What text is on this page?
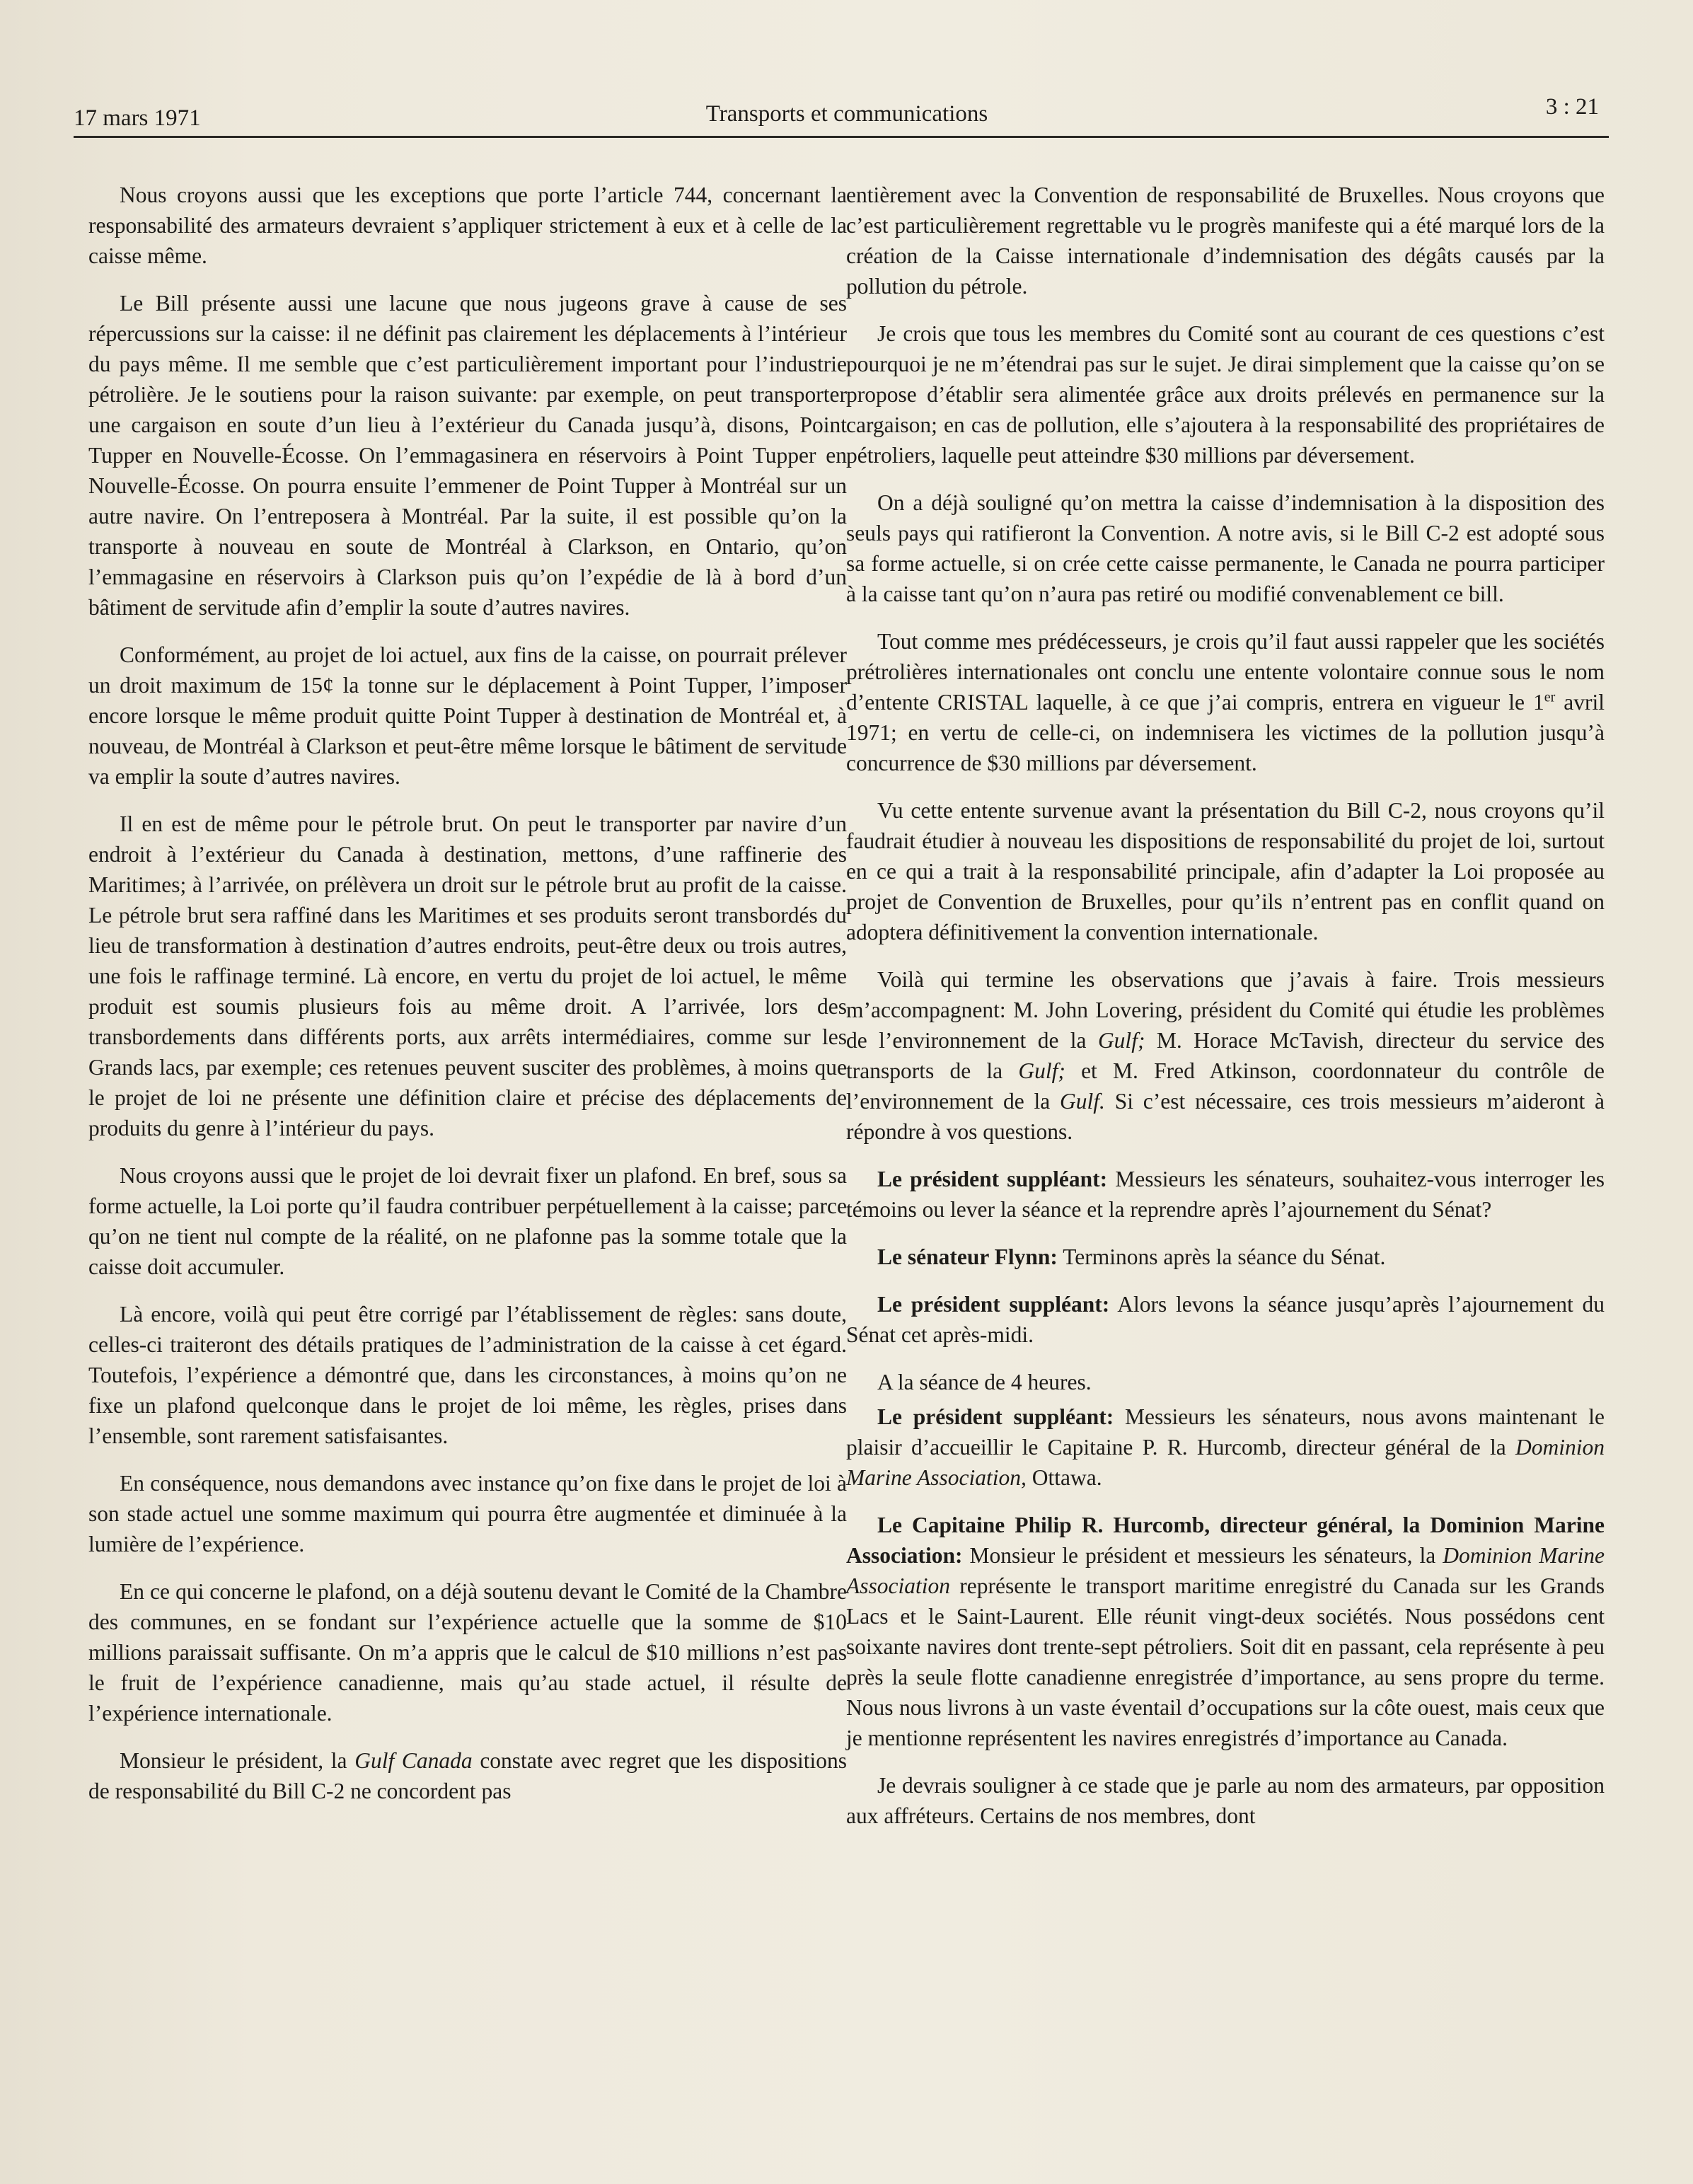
17 mars 1971	Transports et communications	3 : 21

Nous croyons aussi que les exceptions que porte l’article 744, concernant la responsabilité des armateurs devraient s’appliquer strictement à eux et à celle de la caisse même.

Le Bill présente aussi une lacune que nous jugeons grave à cause de ses répercussions sur la caisse: il ne définit pas clairement les déplacements à l’intérieur du pays même. Il me semble que c’est particulièrement important pour l’industrie pétrolière. Je le soutiens pour la raison suivante: par exemple, on peut transporter une cargaison en soute d’un lieu à l’extérieur du Canada jusqu’à, disons, Point Tupper en Nouvelle-Écosse. On l’emmagasinera en réservoirs à Point Tupper en Nouvelle-Écosse. On pourra ensuite l’emmener de Point Tupper à Montréal sur un autre navire. On l’entreposera à Montréal. Par la suite, il est possible qu’on la transporte à nouveau en soute de Montréal à Clarkson, en Ontario, qu’on l’emmagasine en réservoirs à Clarkson puis qu’on l’expédie de là à bord d’un bâtiment de servitude afin d’emplir la soute d’autres navires.

Conformément, au projet de loi actuel, aux fins de la caisse, on pourrait prélever un droit maximum de 15¢ la tonne sur le déplacement à Point Tupper, l’imposer encore lorsque le même produit quitte Point Tupper à destination de Montréal et, à nouveau, de Montréal à Clarkson et peut-être même lorsque le bâtiment de servitude va emplir la soute d’autres navires.

Il en est de même pour le pétrole brut. On peut le transporter par navire d’un endroit à l’extérieur du Canada à destination, mettons, d’une raffinerie des Maritimes; à l’arrivée, on prélèvera un droit sur le pétrole brut au profit de la caisse. Le pétrole brut sera raffiné dans les Maritimes et ses produits seront transbordés du lieu de transformation à destination d’autres endroits, peut-être deux ou trois autres, une fois le raffinage terminé. Là encore, en vertu du projet de loi actuel, le même produit est soumis plusieurs fois au même droit. A l’arrivée, lors des transbordements dans différents ports, aux arrêts intermédiaires, comme sur les Grands lacs, par exemple; ces retenues peuvent susciter des problèmes, à moins que le projet de loi ne présente une définition claire et précise des déplacements de produits du genre à l’intérieur du pays.

Nous croyons aussi que le projet de loi devrait fixer un plafond. En bref, sous sa forme actuelle, la Loi porte qu’il faudra contribuer perpétuellement à la caisse; parce qu’on ne tient nul compte de la réalité, on ne plafonne pas la somme totale que la caisse doit accumuler.

Là encore, voilà qui peut être corrigé par l’établissement de règles: sans doute, celles-ci traiteront des détails pratiques de l’administration de la caisse à cet égard. Toutefois, l’expérience a démontré que, dans les circonstances, à moins qu’on ne fixe un plafond quelconque dans le projet de loi même, les règles, prises dans l’ensemble, sont rarement satisfaisantes.

En conséquence, nous demandons avec instance qu’on fixe dans le projet de loi à son stade actuel une somme maximum qui pourra être augmentée et diminuée à la lumière de l’expérience.

En ce qui concerne le plafond, on a déjà soutenu devant le Comité de la Chambre des communes, en se fondant sur l’expérience actuelle que la somme de $10 millions paraissait suffisante. On m’a appris que le calcul de $10 millions n’est pas le fruit de l’expérience canadienne, mais qu’au stade actuel, il résulte de l’expérience internationale.

Monsieur le président, la Gulf Canada constate avec regret que les dispositions de responsabilité du Bill C-2 ne concordent pas

entièrement avec la Convention de responsabilité de Bruxelles. Nous croyons que c’est particulièrement regrettable vu le progrès manifeste qui a été marqué lors de la création de la Caisse internationale d’indemnisation des dégâts causés par la pollution du pétrole.

Je crois que tous les membres du Comité sont au courant de ces questions c’est pourquoi je ne m’étendrai pas sur le sujet. Je dirai simplement que la caisse qu’on se propose d’établir sera alimentée grâce aux droits prélevés en permanence sur la cargaison; en cas de pollution, elle s’ajoutera à la responsabilité des propriétaires de pétroliers, laquelle peut atteindre $30 millions par déversement.

On a déjà souligné qu’on mettra la caisse d’indemnisation à la disposition des seuls pays qui ratifieront la Convention. A notre avis, si le Bill C-2 est adopté sous sa forme actuelle, si on crée cette caisse permanente, le Canada ne pourra participer à la caisse tant qu’on n’aura pas retiré ou modifié convenablement ce bill.

Tout comme mes prédécesseurs, je crois qu’il faut aussi rappeler que les sociétés prétrolières internationales ont conclu une entente volontaire connue sous le nom d’entente CRISTAL laquelle, à ce que j’ai compris, entrera en vigueur le 1er avril 1971; en vertu de celle-ci, on indemnisera les victimes de la pollution jusqu’à concurrence de $30 millions par déversement.

Vu cette entente survenue avant la présentation du Bill C-2, nous croyons qu’il faudrait étudier à nouveau les dispositions de responsabilité du projet de loi, surtout en ce qui a trait à la responsabilité principale, afin d’adapter la Loi proposée au projet de Convention de Bruxelles, pour qu’ils n’entrent pas en conflit quand on adoptera définitivement la convention internationale.

Voilà qui termine les observations que j’avais à faire. Trois messieurs m’accompagnent: M. John Lovering, président du Comité qui étudie les problèmes de l’environnement de la Gulf; M. Horace McTavish, directeur du service des transports de la Gulf; et M. Fred Atkinson, coordonnateur du contrôle de l’environnement de la Gulf. Si c’est nécessaire, ces trois messieurs m’aideront à répondre à vos questions.

Le président suppléant: Messieurs les sénateurs, souhaitez-vous interroger les témoins ou lever la séance et la reprendre après l’ajournement du Sénat?

Le sénateur Flynn: Terminons après la séance du Sénat.

Le président suppléant: Alors levons la séance jusqu’après l’ajournement du Sénat cet après-midi.

A la séance de 4 heures.

Le président suppléant: Messieurs les sénateurs, nous avons maintenant le plaisir d’accueillir le Capitaine P. R. Hurcomb, directeur général de la Dominion Marine Association, Ottawa.

Le Capitaine Philip R. Hurcomb, directeur général, la Dominion Marine Association: Monsieur le président et messieurs les sénateurs, la Dominion Marine Association représente le transport maritime enregistré du Canada sur les Grands Lacs et le Saint-Laurent. Elle réunit vingt-deux sociétés. Nous possédons cent soixante navires dont trente-sept pétroliers. Soit dit en passant, cela représente à peu près la seule flotte canadienne enregistrée d’importance, au sens propre du terme. Nous nous livrons à un vaste éventail d’occupations sur la côte ouest, mais ceux que je mentionne représentent les navires enregistrés d’importance au Canada.

Je devrais souligner à ce stade que je parle au nom des armateurs, par opposition aux affréteurs. Certains de nos membres, dont
